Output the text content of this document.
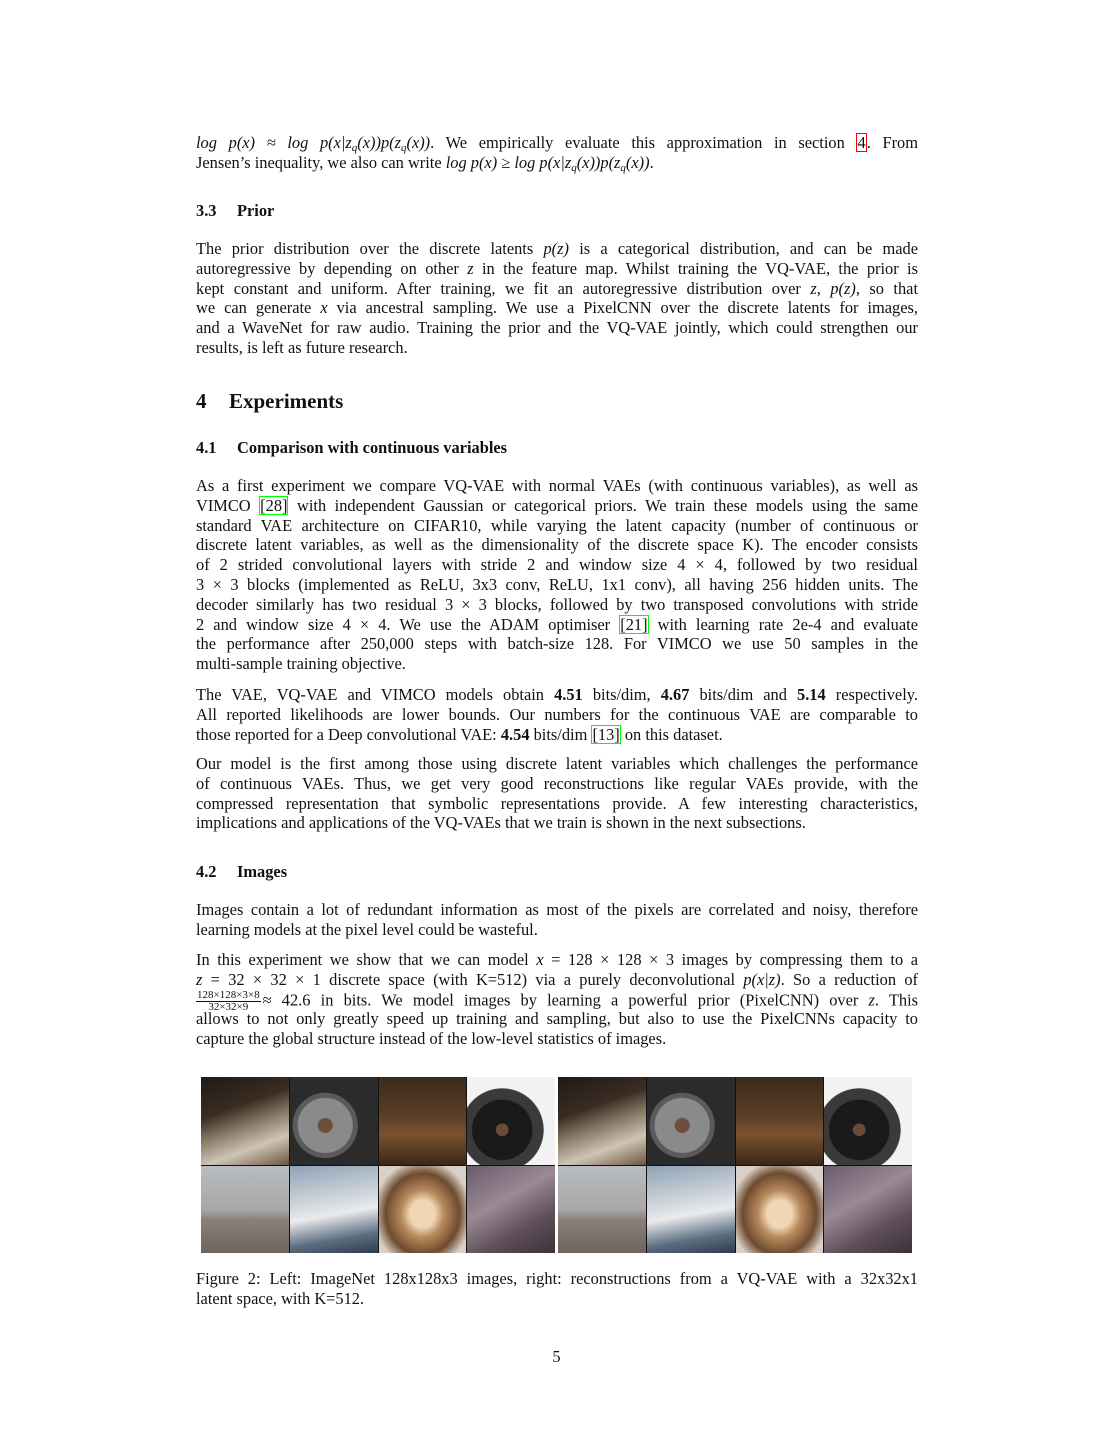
$\log p(x) \approx \log p(x|z_q(x))p(z_q(x))$. We empirically evaluate this approximation in section 4. From
Jensen’s inequality, we also can write $\log p(x) \ge \log p(x|z_q(x))p(z_q(x))$.
3.3 Prior
The prior distribution over the discrete latents p(z) is a categorical distribution, and can be made
autoregressive by depending on other z in the feature map. Whilst training the VQ-VAE, the prior is
kept constant and uniform. After training, we fit an autoregressive distribution over z, p(z), so that
we can generate x via ancestral sampling. We use a PixelCNN over the discrete latents for images,
and a WaveNet for raw audio. Training the prior and the VQ-VAE jointly, which could strengthen our
results, is left as future research.
4 Experiments
4.1 Comparison with continuous variables
As a first experiment we compare VQ-VAE with normal VAEs (with continuous variables), as well as
VIMCO [28] with independent Gaussian or categorical priors. We train these models using the same
standard VAE architecture on CIFAR10, while varying the latent capacity (number of continuous or
discrete latent variables, as well as the dimensionality of the discrete space K). The encoder consists
of 2 strided convolutional layers with stride 2 and window size 4 × 4, followed by two residual
3 × 3 blocks (implemented as ReLU, 3x3 conv, ReLU, 1x1 conv), all having 256 hidden units. The
decoder similarly has two residual 3 × 3 blocks, followed by two transposed convolutions with stride
2 and window size 4 × 4. We use the ADAM optimiser [21] with learning rate 2e-4 and evaluate
the performance after 250,000 steps with batch-size 128. For VIMCO we use 50 samples in the
multi-sample training objective.
The VAE, VQ-VAE and VIMCO models obtain 4.51 bits/dim, 4.67 bits/dim and 5.14 respectively.
All reported likelihoods are lower bounds. Our numbers for the continuous VAE are comparable to
those reported for a Deep convolutional VAE: 4.54 bits/dim [13] on this dataset.
Our model is the first among those using discrete latent variables which challenges the performance
of continuous VAEs. Thus, we get very good reconstructions like regular VAEs provide, with the
compressed representation that symbolic representations provide. A few interesting characteristics,
implications and applications of the VQ-VAEs that we train is shown in the next subsections.
4.2 Images
Images contain a lot of redundant information as most of the pixels are correlated and noisy, therefore
learning models at the pixel level could be wasteful.
In this experiment we show that we can model x = 128 × 128 × 3 images by compressing them to a
z = 32 × 32 × 1 discrete space (with K=512) via a purely deconvolutional p(x|z). So a reduction of
$\frac{128\times 128\times 3\times 8}{32\times 32\times 9} \approx 42.6$ in bits. We model images by learning a powerful prior (PixelCNN) over z. This
allows to not only greatly speed up training and sampling, but also to use the PixelCNNs capacity to
capture the global structure instead of the low-level statistics of images.
Figure 2: Left: ImageNet 128x128x3 images, right: reconstructions from a VQ-VAE with a 32x32x1
latent space, with K=512.
5
